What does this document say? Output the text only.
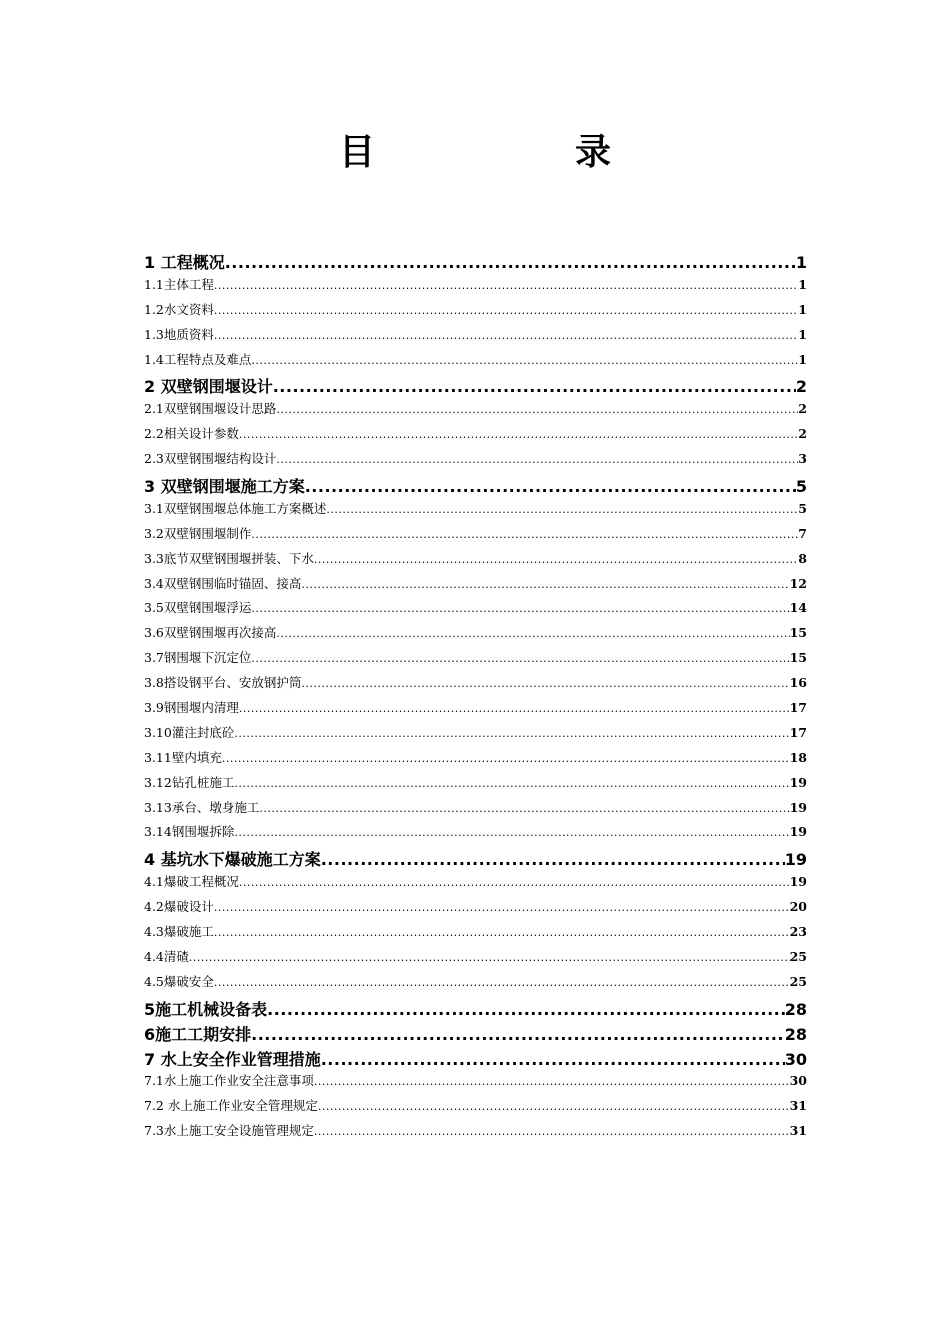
目	录
1 工程概况 .....	1
1.1主体工程 .....	1
1.2水文资料 .....	1
1.3地质资料 .....	1
1.4工程特点及难点 .....	1
2 双壁钢围堰设计 .....	2
2.1双壁钢围堰设计思路 .....	2
2.2相关设计参数 .....	2
2.3双壁钢围堰结构设计 .....	3
3 双壁钢围堰施工方案 .....	5
3.1双壁钢围堰总体施工方案概述 .....	5
3.2双壁钢围堰制作 .....	7
3.3底节双壁钢围堰拼装、下水 .....	8
3.4双壁钢围临时锚固、接高 .....	12
3.5双壁钢围堰浮运 .....	14
3.6双壁钢围堰再次接高 .....	15
3.7钢围堰下沉定位 .....	15
3.8搭设钢平台、安放钢护筒 .....	16
3.9钢围堰内清理 .....	17
3.10灌注封底砼 .....	17
3.11壁内填充 .....	18
3.12钻孔桩施工 .....	19
3.13承台、墩身施工 .....	19
3.14钢围堰拆除 .....	19
4 基坑水下爆破施工方案 .....	19
4.1爆破工程概况 .....	19
4.2爆破设计 .....	20
4.3爆破施工 .....	23
4.4清碴 .....	25
4.5爆破安全 .....	25
5施工机械设备表 .....	28
6施工工期安排 .....	28
7 水上安全作业管理措施 .....	30
7.1水上施工作业安全注意事项 .....	30
7.2 水上施工作业安全管理规定 .....	31
7.3水上施工安全设施管理规定 .....	31
